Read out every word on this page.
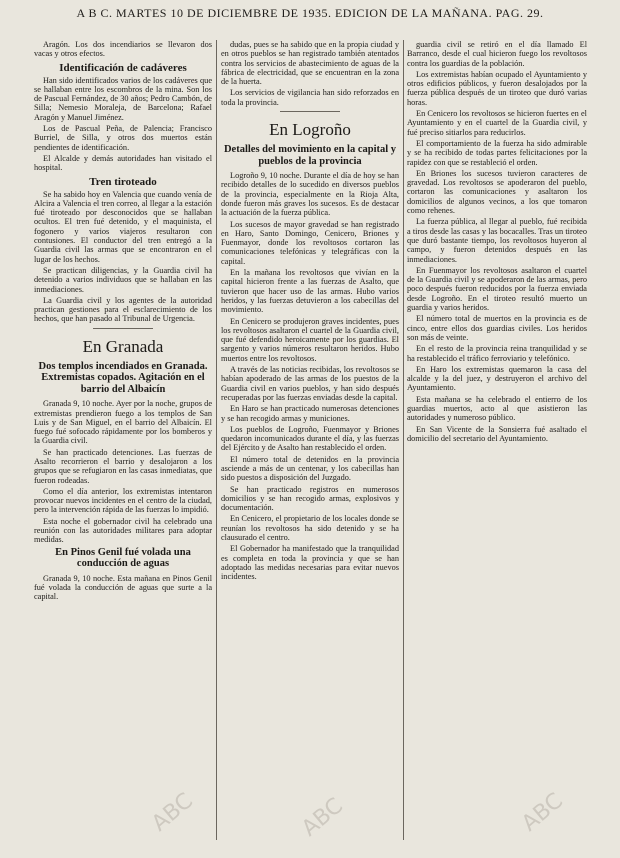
A B C. MARTES 10 DE DICIEMBRE DE 1935. EDICION DE LA MAÑANA. PAG. 29.

Aragón. Los dos incendiarios se llevaron dos vacas y otros efectos.

Identificación de cadáveres

Han sido identificados varios de los cadáveres que se hallaban entre los escombros de la mina. Son los de Pascual Fernández, de 30 años; Pedro Cambón, de Silla; Nemesio Moraleja, de Barcelona; Rafael Aragón y Manuel Jiménez.

Los de Pascual Peña, de Palencia; Francisco Burriel, de Silla, y otros dos muertos están pendientes de identificación.

El Alcalde y demás autoridades han visitado el hospital.

Tren tiroteado

Se ha sabido hoy en Valencia que cuando venía de Alcira a Valencia el tren correo, al llegar a la estación fué tiroteado por desconocidos que se hallaban ocultos. El tren fué detenido, y el maquinista, el fogonero y varios viajeros resultaron con contusiones. El conductor del tren entregó a la Guardia civil las armas que se encontraron en el lugar de los hechos.

Se practican diligencias, y la Guardia civil ha detenido a varios individuos que se hallaban en las inmediaciones.

La Guardia civil y los agentes de la autoridad practican gestiones para el esclarecimiento de los hechos, que han pasado al Tribunal de Urgencia.

En Granada
Dos templos incendiados en Granada. Extremistas copados. Agitación en el barrio del Albaicín

Granada 9, 10 noche. Ayer por la noche, grupos de extremistas prendieron fuego a los templos de San Luis y de San Miguel, en el barrio del Albaicín. El fuego fué sofocado rápidamente por los bomberos y la Guardia civil.

Se han practicado detenciones. Las fuerzas de Asalto recorrieron el barrio y desalojaron a los grupos que se refugiaron en las casas inmediatas, que fueron rodeadas.

Como el día anterior, los extremistas intentaron provocar nuevos incidentes en el centro de la ciudad, pero la intervención rápida de las fuerzas lo impidió.

Esta noche el gobernador civil ha celebrado una reunión con las autoridades militares para adoptar medidas.

En Pinos Genil fué volada una conducción de aguas

Granada 9, 10 noche. Esta mañana en Pinos Genil fué volada la conducción de aguas que surte a la capital.

dudas, pues se ha sabido que en la propia ciudad y en otros pueblos se han registrado también atentados contra los servicios de abastecimiento de aguas de la fábrica de electricidad, que se encuentran en la zona de la huerta.

Los servicios de vigilancia han sido reforzados en toda la provincia.

En Logroño
Detalles del movimiento en la capital y pueblos de la provincia

Logroño 9, 10 noche. Durante el día de hoy se han recibido detalles de lo sucedido en diversos pueblos de la provincia, especialmente en la Rioja Alta, donde fueron más graves los sucesos. Es de destacar la actuación de la fuerza pública.

Los sucesos de mayor gravedad se han registrado en Haro, Santo Domingo, Cenicero, Briones y Fuenmayor, donde los revoltosos cortaron las comunicaciones telefónicas y telegráficas con la capital.

En la mañana los revoltosos que vivían en la capital hicieron frente a las fuerzas de Asalto, que tuvieron que hacer uso de las armas. Hubo varios heridos, y las fuerzas detuvieron a los cabecillas del movimiento.

En Cenicero se produjeron graves incidentes, pues los revoltosos asaltaron el cuartel de la Guardia civil, que fué defendido heroicamente por los guardias. El sargento y varios números resultaron heridos. Hubo muertos entre los revoltosos.

A través de las noticias recibidas, los revoltosos se habían apoderado de las armas de los puestos de la Guardia civil en varios pueblos, y han sido después recuperadas por las fuerzas enviadas desde la capital.

En Haro se han practicado numerosas detenciones y se han recogido armas y municiones.

Los pueblos de Logroño, Fuenmayor y Briones quedaron incomunicados durante el día, y las fuerzas del Ejército y de Asalto han restablecido el orden.

El número total de detenidos en la provincia asciende a más de un centenar, y los cabecillas han sido puestos a disposición del Juzgado.

Se han practicado registros en numerosos domicilios y se han recogido armas, explosivos y documentación.

En Cenicero, el propietario de los locales donde se reunían los revoltosos ha sido detenido y se ha clausurado el centro.

El Gobernador ha manifestado que la tranquilidad es completa en toda la provincia y que se han adoptado las medidas necesarias para evitar nuevos incidentes.

guardia civil se retiró en el día llamado El Barranco, desde el cual hicieron fuego los revoltosos contra los guardias de la población.

Los extremistas habían ocupado el Ayuntamiento y otros edificios públicos, y fueron desalojados por la fuerza pública después de un tiroteo que duró varias horas.

En Cenicero los revoltosos se hicieron fuertes en el Ayuntamiento y en el cuartel de la Guardia civil, y fué preciso sitiarlos para reducirlos.

El comportamiento de la fuerza ha sido admirable y se ha recibido de todas partes felicitaciones por la rapidez con que se restableció el orden.

En Briones los sucesos tuvieron caracteres de gravedad. Los revoltosos se apoderaron del pueblo, cortaron las comunicaciones y asaltaron los domicilios de algunos vecinos, a los que tomaron como rehenes.

La fuerza pública, al llegar al pueblo, fué recibida a tiros desde las casas y las bocacalles. Tras un tiroteo que duró bastante tiempo, los revoltosos huyeron al campo, y fueron detenidos después en las inmediaciones.

En Fuenmayor los revoltosos asaltaron el cuartel de la Guardia civil y se apoderaron de las armas, pero poco después fueron reducidos por la fuerza enviada desde Logroño. En el tiroteo resultó muerto un guardia y varios heridos.

El número total de muertos en la provincia es de cinco, entre ellos dos guardias civiles. Los heridos son más de veinte.

En el resto de la provincia reina tranquilidad y se ha restablecido el tráfico ferroviario y telefónico.

En Haro los extremistas quemaron la casa del alcalde y la del juez, y destruyeron el archivo del Ayuntamiento.

Esta mañana se ha celebrado el entierro de los guardias muertos, acto al que asistieron las autoridades y numeroso público.

En San Vicente de la Sonsierra fué asaltado el domicilio del secretario del Ayuntamiento.

ABC	ABC	ABC
